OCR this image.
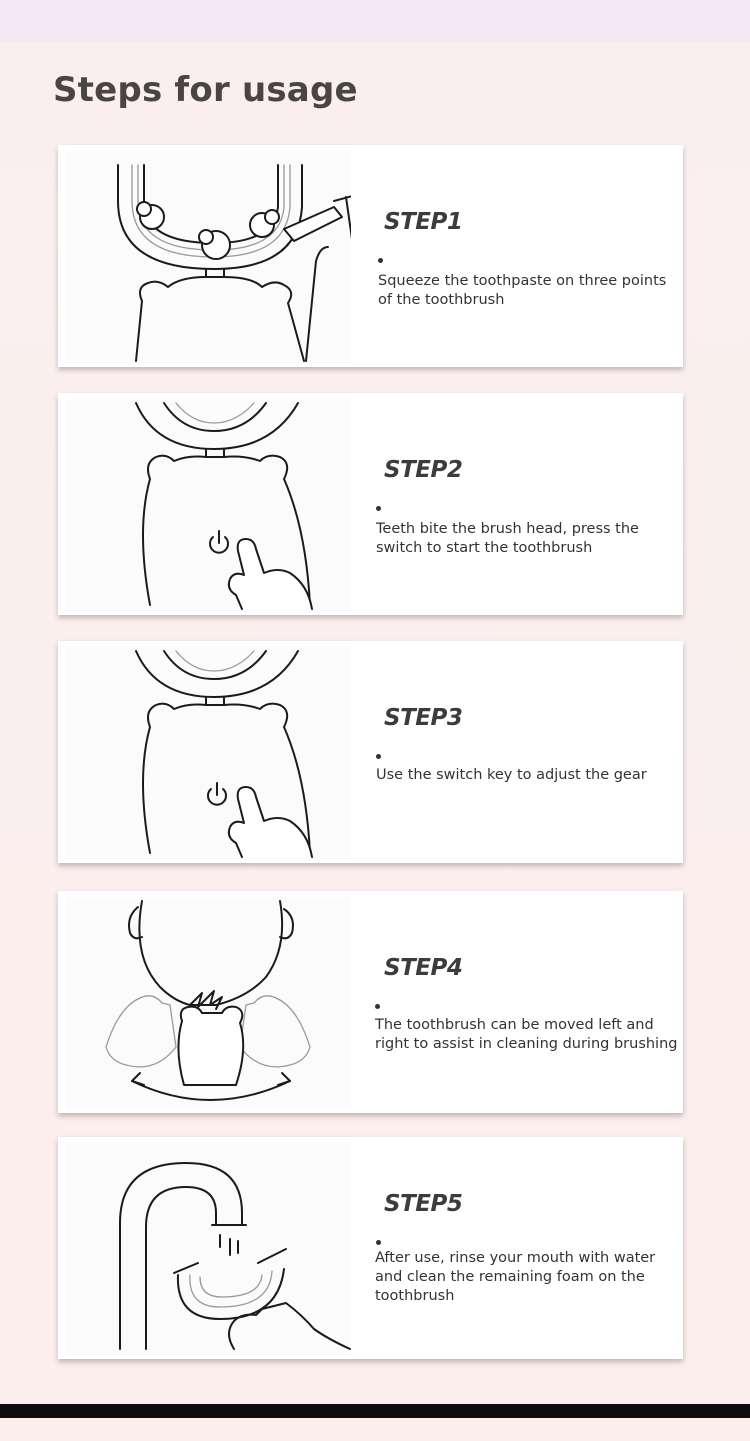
Steps for usage

STEP1

Squeeze the toothpaste on three points of the toothbrush

STEP2

Teeth bite the brush head, press the switch to start the toothbrush

STEP3

Use the switch key to adjust the gear

STEP4

The toothbrush can be moved left and right to assist in cleaning during brushing

STEP5

After use, rinse your mouth with water and clean the remaining foam on the toothbrush
